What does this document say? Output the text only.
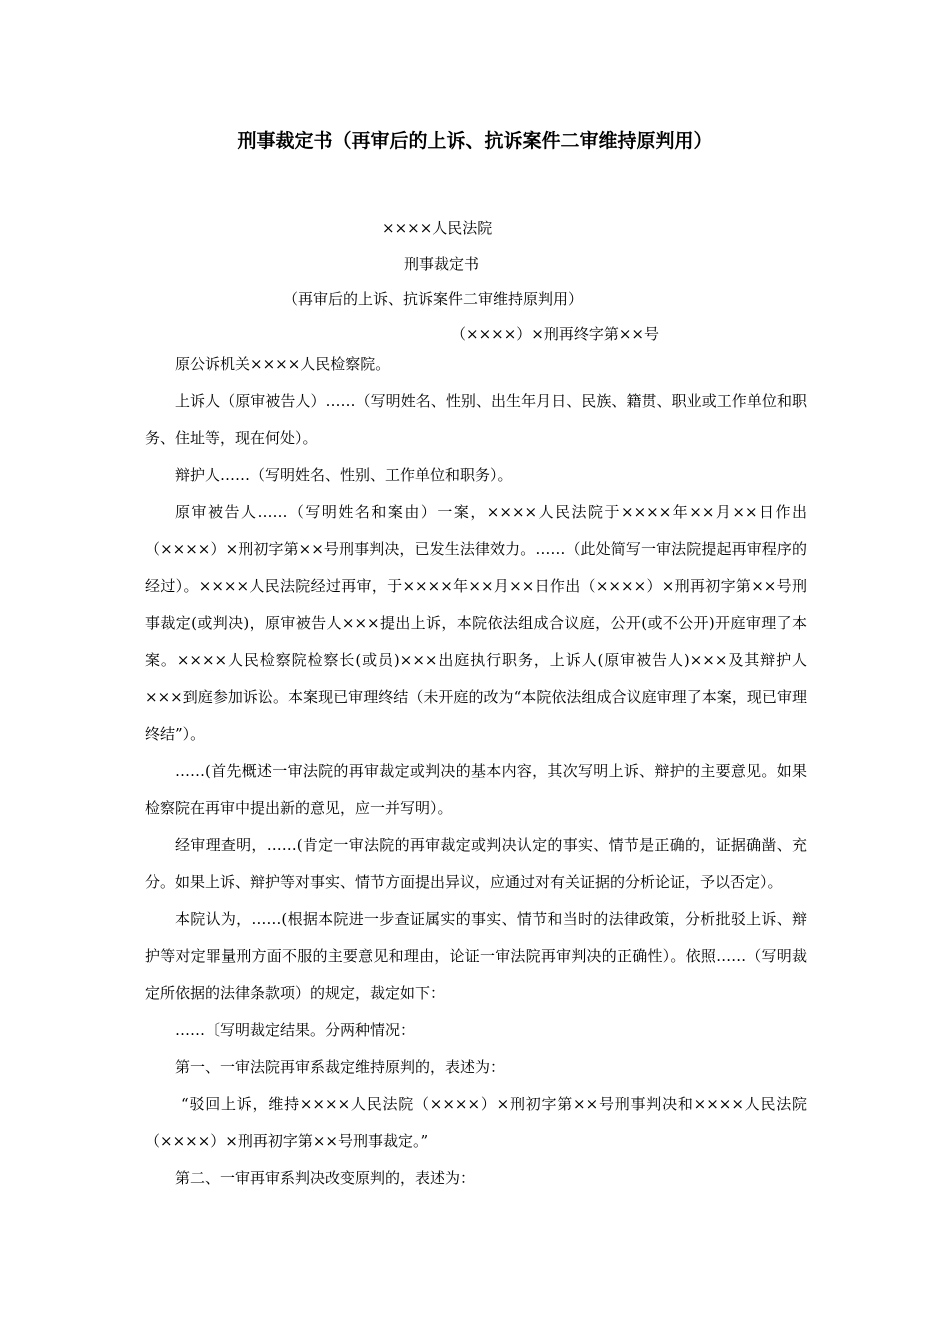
刑事裁定书（再审后的上诉、抗诉案件二审维持原判用）
××××人民法院
刑事裁定书
（再审后的上诉、抗诉案件二审维持原判用）
（××××）×刑再终字第××号

原公诉机关××××人民检察院。

上诉人（原审被告人）……（写明姓名、性别、出生年月日、民族、籍贯、职业或工作单位和职务、住址等，现在何处）。

辩护人……（写明姓名、性别、工作单位和职务）。

原审被告人……（写明姓名和案由）一案，××××人民法院于××××年××月××日作出（××××）×刑初字第××号刑事判决，已发生法律效力。……（此处简写一审法院提起再审程序的经过）。××××人民法院经过再审，于××××年××月××日作出（××××）×刑再初字第××号刑事裁定(或判决)，原审被告人×××提出上诉，本院依法组成合议庭，公开(或不公开)开庭审理了本案。××××人民检察院检察长(或员)×××出庭执行职务，上诉人(原审被告人)×××及其辩护人×××到庭参加诉讼。本案现已审理终结（未开庭的改为“本院依法组成合议庭审理了本案，现已审理终结”）。

……(首先概述一审法院的再审裁定或判决的基本内容，其次写明上诉、辩护的主要意见。如果检察院在再审中提出新的意见，应一并写明）。

经审理查明，……(肯定一审法院的再审裁定或判决认定的事实、情节是正确的，证据确凿、充分。如果上诉、辩护等对事实、情节方面提出异议，应通过对有关证据的分析论证，予以否定）。

本院认为，……(根据本院进一步查证属实的事实、情节和当时的法律政策，分析批驳上诉、辩护等对定罪量刑方面不服的主要意见和理由，论证一审法院再审判决的正确性）。依照……（写明裁定所依据的法律条款项）的规定，裁定如下：

……〔写明裁定结果。分两种情况：

第一、一审法院再审系裁定维持原判的，表述为：

“驳回上诉，维持××××人民法院（××××）×刑初字第××号刑事判决和××××人民法院（××××）×刑再初字第××号刑事裁定。”

第二、一审再审系判决改变原判的，表述为：
